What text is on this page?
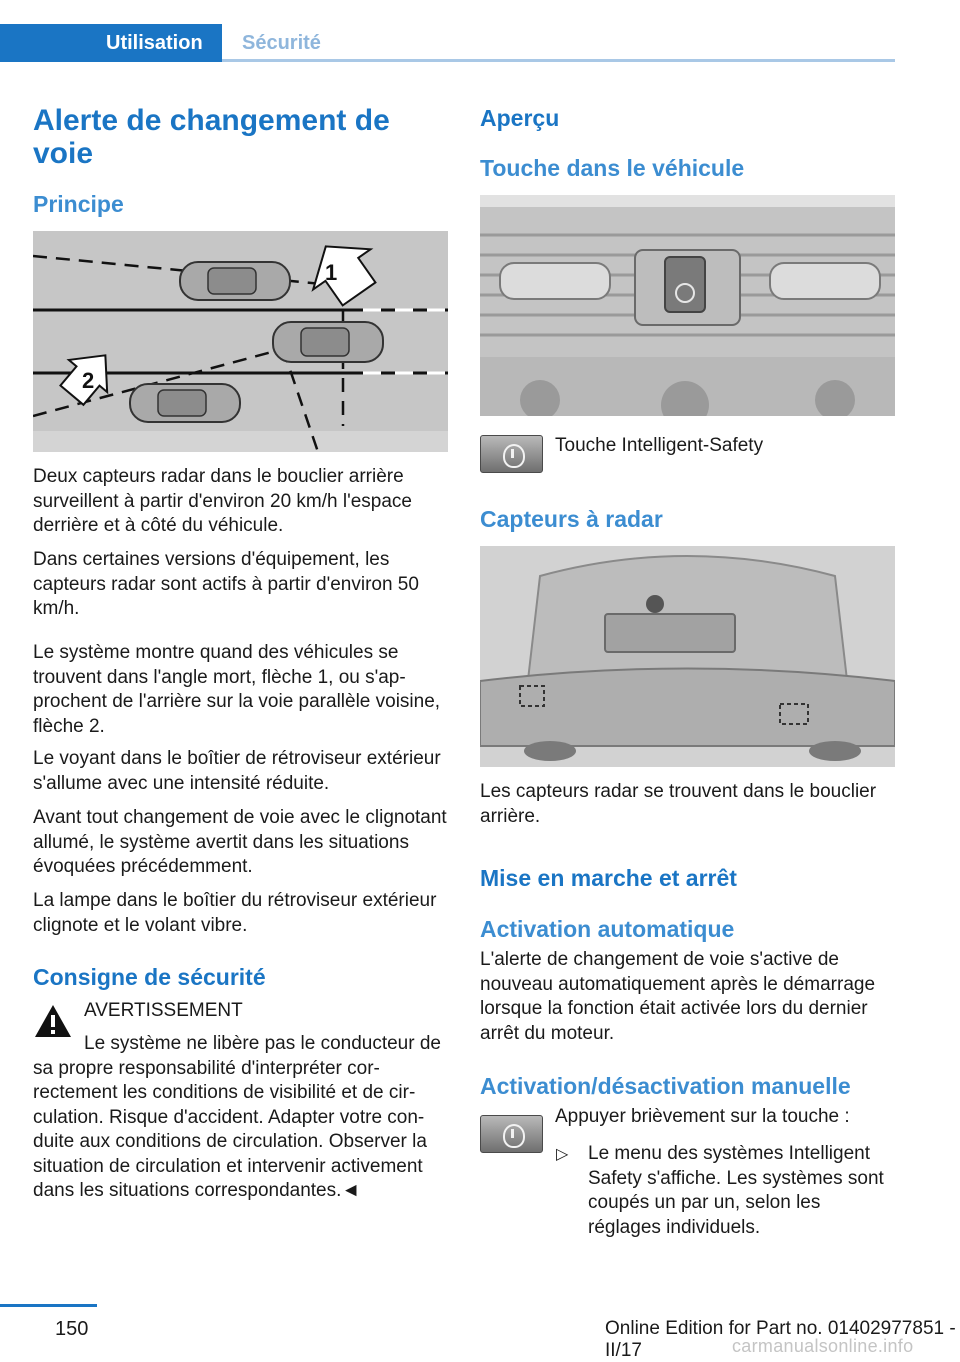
Utilisation	Sécurité
Alerte de changement de voie
Principe
1
2
Deux capteurs radar dans le bouclier arrière surveillent à partir d'environ 20 km/h l'espace derrière et à côté du véhicule.
Dans certaines versions d'équipement, les capteurs radar sont actifs à partir d'environ 50 km/h.
Le système montre quand des véhicules se trouvent dans l'angle mort, flèche 1, ou s'approchent de l'arrière sur la voie parallèle voisine, flèche 2.
Le voyant dans le boîtier de rétroviseur extérieur s'allume avec une intensité réduite.
Avant tout changement de voie avec le clignotant allumé, le système avertit dans les situations évoquées précédemment.
La lampe dans le boîtier du rétroviseur extérieur clignote et le volant vibre.
Consigne de sécurité
AVERTISSEMENT
Le système ne libère pas le conducteur de sa propre responsabilité d'interpréter correctement les conditions de visibilité et de circulation. Risque d'accident. Adapter votre conduite aux conditions de circulation. Observer la situation de circulation et intervenir activement dans les situations correspondantes.◄
Aperçu
Touche dans le véhicule
Touche Intelligent-Safety
Capteurs à radar
Les capteurs radar se trouvent dans le bouclier arrière.
Mise en marche et arrêt
Activation automatique
L'alerte de changement de voie s'active de nouveau automatiquement après le démarrage lorsque la fonction était activée lors du dernier arrêt du moteur.
Activation/désactivation manuelle
Appuyer brièvement sur la touche :
▷	Le menu des systèmes Intelligent Safety s'affiche. Les systèmes sont coupés un par un, selon les réglages individuels.
150	Online Edition for Part no. 01402977851 - II/17	carmanualsonline.info
